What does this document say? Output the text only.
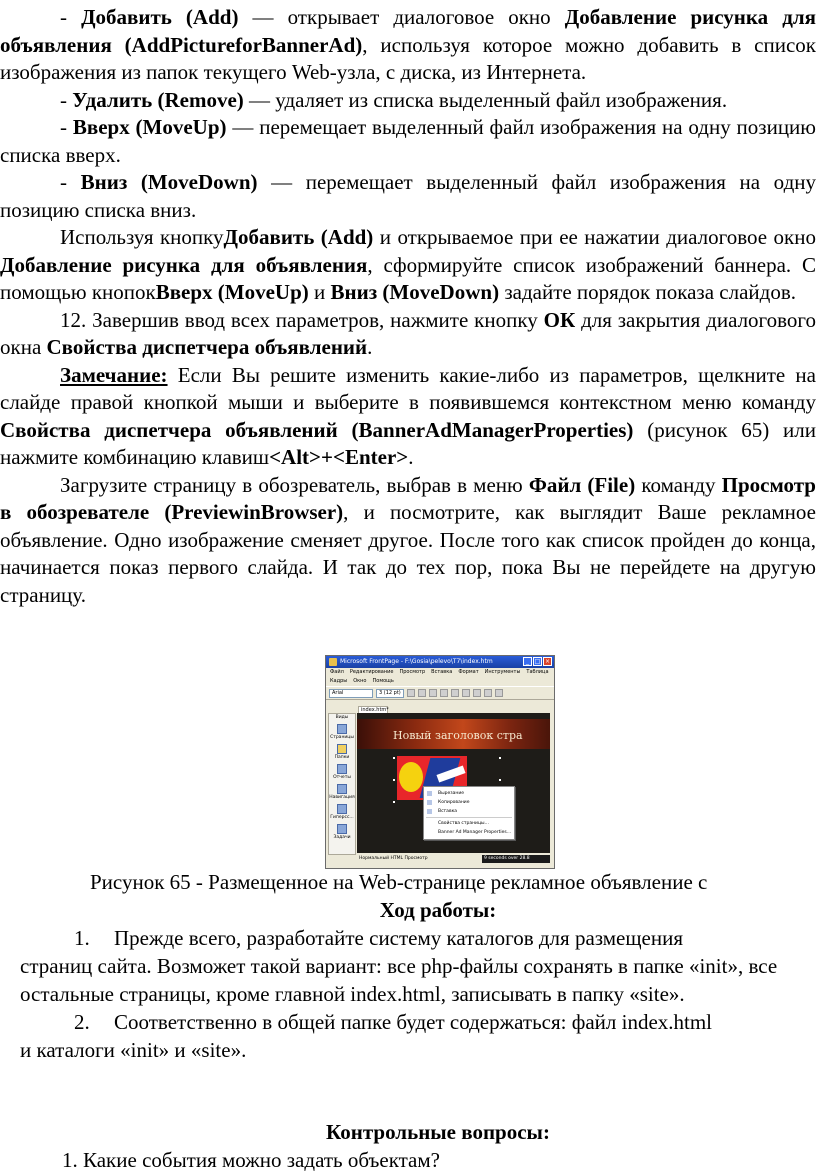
- Добавить (Add) — открывает диалоговое окно Добавление рисунка для объявления (AddPictureforBannerAd), используя которое можно добавить в список изображения из папок текущего Web-узла, с диска, из Интернета.

- Удалить (Remove) — удаляет из списка выделенный файл изображения.

- Вверх (MoveUp) — перемещает выделенный файл изображения на одну позицию списка вверх.

- Вниз (MoveDown) — перемещает выделенный файл изображения на одну позицию списка вниз.

Используя кнопкуДобавить (Add) и открываемое при ее нажатии диалоговое окно Добавление рисунка для объявления, сформируйте список изображений баннера. С помощью кнопокВверх (MoveUp) и Вниз (MoveDown) задайте порядок показа слайдов.

12. Завершив ввод всех параметров, нажмите кнопку ОК для закрытия диалогового окна Свойства диспетчера объявлений.

Замечание: Если Вы решите изменить какие-либо из параметров, щелкните на слайде правой кнопкой мыши и выберите в появившемся контекстном меню команду Свойства диспетчера объявлений (BannerAdManagerProperties) (рисунок 65) или нажмите комбинацию клавиш<Alt>+<Enter>.

Загрузите страницу в обозреватель, выбрав в меню Файл (File) команду Просмотр в обозревателе (PreviewinBrowser), и посмотрите, как выглядит Ваше рекламное объявление. Одно изображение сменяет другое. После того как список пройден до конца, начинается показ первого слайда. И так до тех пор, пока Вы не перейдете на другую страницу.

Microsoft FrontPage - F:\Gosia\pelevo\T7\index.htm	_ □ ×
Файл Редактирование Просмотр Вставка Формат Инструменты Таблица
Кадры Окно Помощь
Arial	3 (12 pt)
index.htm*
Виды
Страницы
Папки
Отчеты
Навигация
Гиперсс...
Задачи
Новый заголовок стра
Вырезание
Копирование
Вставка
Свойства страницы...
Banner Ad Manager Properties...
Нормальный HTML Просмотр	9 seconds over 28.8
Рисунок 65 - Размещенное на Web-странице рекламное объявление с
Ход работы:

1. Прежде всего, разработайте систему каталогов для размещения

страниц сайта. Возможет такой вариант: все php-файлы сохранять в папке «init», все остальные страницы, кроме главной index.html, записывать в папку «site».

2. Соответственно в общей папке будет содержаться: файл index.html

и каталоги «init» и «site».

Контрольные вопросы:
1. Какие события можно задать объектам?
